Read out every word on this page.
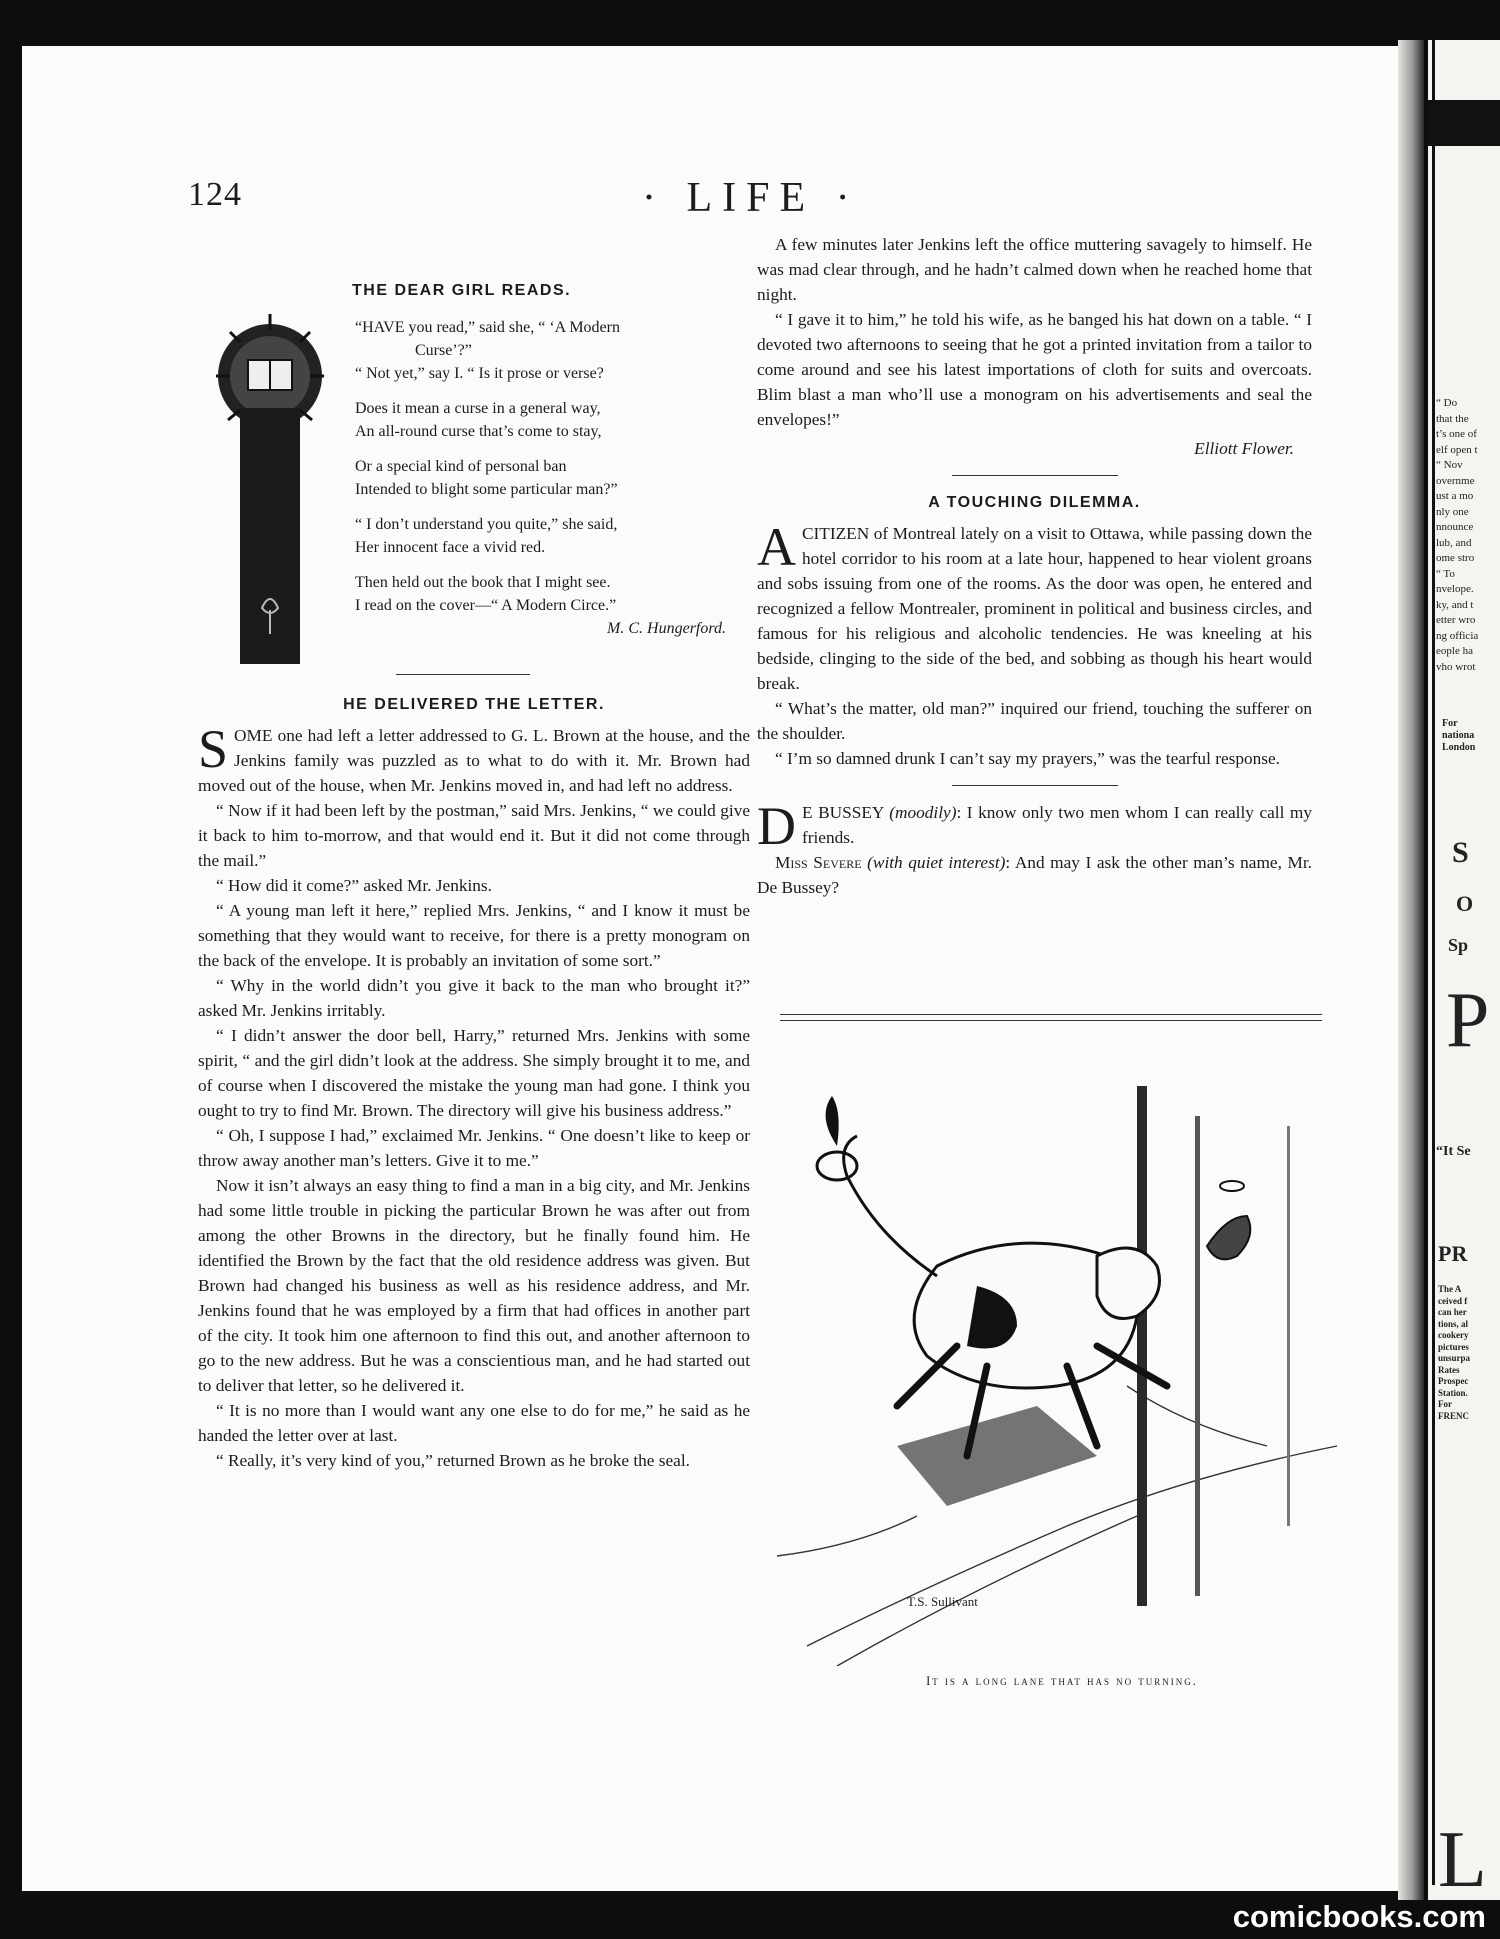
124	· LIFE ·
THE DEAR GIRL READS.
“HAVE you read,” said she, “ ‘A Modern
Curse’?”
“ Not yet,” say I. “ Is it prose or verse?
Does it mean a curse in a general way,
An all-round curse that’s come to stay,
Or a special kind of personal ban
Intended to blight some particular man?”
“ I don’t understand you quite,” she said,
Her innocent face a vivid red.
Then held out the book that I might see.
I read on the cover—“ A Modern Circe.”
M. C. Hungerford.

HE DELIVERED THE LETTER.

S OME one had left a letter addressed to G. L. Brown at the house, and the Jenkins family was puzzled as to what to do with it. Mr. Brown had moved out of the house, when Mr. Jenkins moved in, and had left no address.

“ Now if it had been left by the postman,” said Mrs. Jenkins, “ we could give it back to him to-morrow, and that would end it. But it did not come through the mail.”

“ How did it come?” asked Mr. Jenkins.

“ A young man left it here,” replied Mrs. Jenkins, “ and I know it must be something that they would want to receive, for there is a pretty monogram on the back of the envelope. It is probably an invitation of some sort.”

“ Why in the world didn’t you give it back to the man who brought it?” asked Mr. Jenkins irritably.

“ I didn’t answer the door bell, Harry,” returned Mrs. Jenkins with some spirit, “ and the girl didn’t look at the address. She simply brought it to me, and of course when I discovered the mistake the young man had gone. I think you ought to try to find Mr. Brown. The directory will give his business address.”

“ Oh, I suppose I had,” exclaimed Mr. Jenkins. “ One doesn’t like to keep or throw away another man’s letters. Give it to me.”

Now it isn’t always an easy thing to find a man in a big city, and Mr. Jenkins had some little trouble in picking the particular Brown he was after out from among the other Browns in the directory, but he finally found him. He identified the Brown by the fact that the old residence address was given. But Brown had changed his business as well as his residence address, and Mr. Jenkins found that he was employed by a firm that had offices in another part of the city. It took him one afternoon to find this out, and another afternoon to go to the new address. But he was a conscientious man, and he had started out to deliver that letter, so he delivered it.

“ It is no more than I would want any one else to do for me,” he said as he handed the letter over at last.

“ Really, it’s very kind of you,” returned Brown as he broke the seal.

A few minutes later Jenkins left the office muttering savagely to himself. He was mad clear through, and he hadn’t calmed down when he reached home that night.

“ I gave it to him,” he told his wife, as he banged his hat down on a table. “ I devoted two afternoons to seeing that he got a printed invitation from a tailor to come around and see his latest importations of cloth for suits and overcoats. Blim blast a man who’ll use a monogram on his advertisements and seal the envelopes!”

Elliott Flower.

A TOUCHING DILEMMA.

A CITIZEN of Montreal lately on a visit to Ottawa, while passing down the hotel corridor to his room at a late hour, happened to hear violent groans and sobs issuing from one of the rooms. As the door was open, he entered and recognized a fellow Montrealer, prominent in political and business circles, and famous for his religious and alcoholic tendencies. He was kneeling at his bedside, clinging to the side of the bed, and sobbing as though his heart would break.

“ What’s the matter, old man?” inquired our friend, touching the sufferer on the shoulder.

“ I’m so damned drunk I can’t say my prayers,” was the tearful response.

D E BUSSEY (moodily): I know only two men whom I can really call my friends.

Miss Severe (with quiet interest): And may I ask the other man’s name, Mr. De Bussey?

T.S. Sullivant
It is a long lane that has no turning.
“ Do
that the
t’s one of
elf open t
“ Nov
overnme
ust a mo
nly one
nnounce
lub, and
ome stro
“ To
nvelope.
ky, and t
etter wro
ng officia
eople ha
vho wrot
For
nationa
London
S
O
Sp
P
“It Se
PR
The A
ceived f
can her
tions, al
cookery
pictures
unsurpa
Rates
Prospec
Station.
For
FRENC
L
comicbooks.com
